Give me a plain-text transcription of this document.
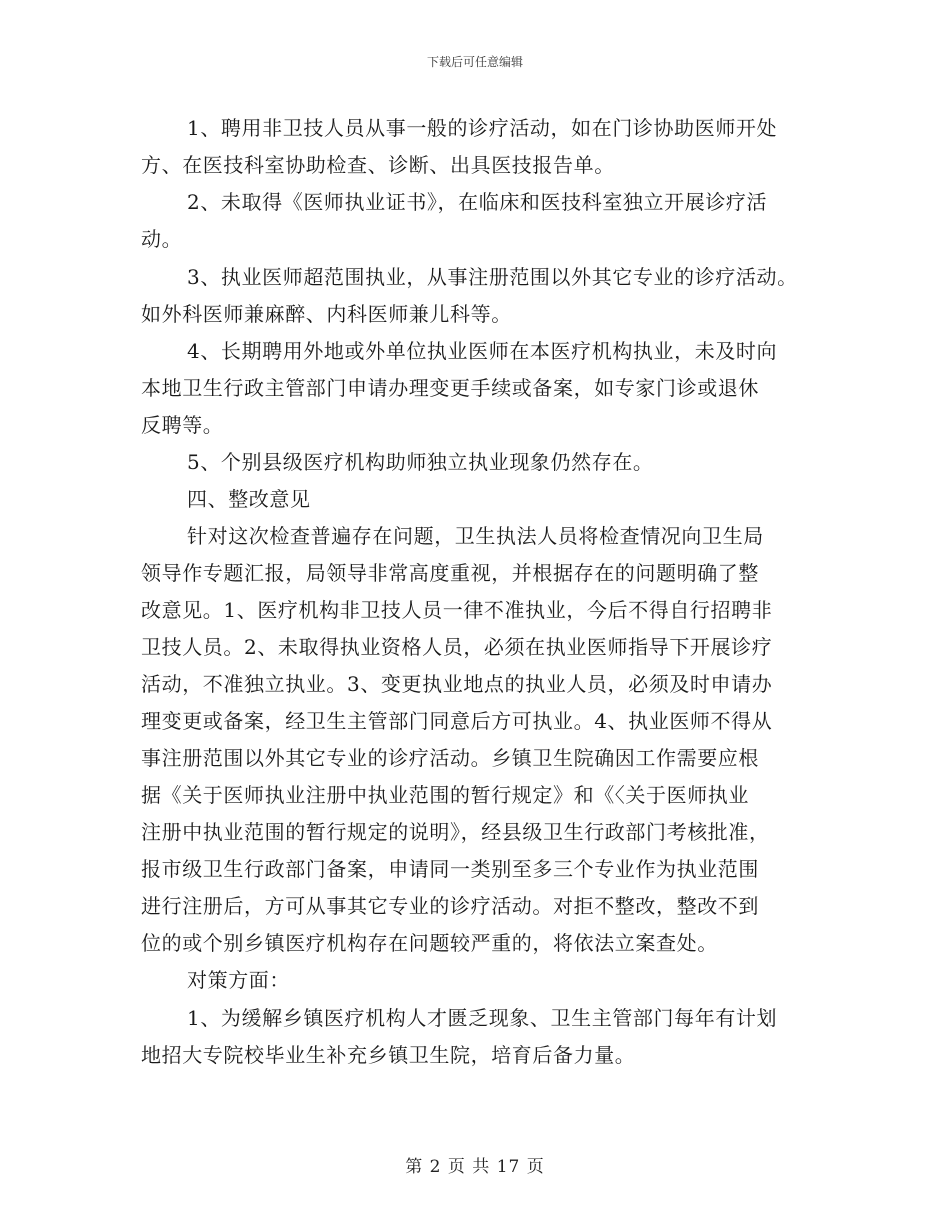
下载后可任意编辑
1、聘用非卫技人员从事一般的诊疗活动，如在门诊协助医师开处
方、在医技科室协助检查、诊断、出具医技报告单。
2、未取得《医师执业证书》，在临床和医技科室独立开展诊疗活
动。
3、执业医师超范围执业，从事注册范围以外其它专业的诊疗活动。
如外科医师兼麻醉、内科医师兼儿科等。
4、长期聘用外地或外单位执业医师在本医疗机构执业，未及时向
本地卫生行政主管部门申请办理变更手续或备案，如专家门诊或退休
反聘等。
5、个别县级医疗机构助师独立执业现象仍然存在。
四、整改意见
针对这次检查普遍存在问题，卫生执法人员将检查情况向卫生局
领导作专题汇报，局领导非常高度重视，并根据存在的问题明确了整
改意见。1、医疗机构非卫技人员一律不准执业，今后不得自行招聘非
卫技人员。2、未取得执业资格人员，必须在执业医师指导下开展诊疗
活动，不准独立执业。3、变更执业地点的执业人员，必须及时申请办
理变更或备案，经卫生主管部门同意后方可执业。4、执业医师不得从
事注册范围以外其它专业的诊疗活动。乡镇卫生院确因工作需要应根
据《关于医师执业注册中执业范围的暂行规定》和《〈关于医师执业
注册中执业范围的暂行规定的说明》，经县级卫生行政部门考核批准，
报市级卫生行政部门备案，申请同一类别至多三个专业作为执业范围
进行注册后，方可从事其它专业的诊疗活动。对拒不整改，整改不到
位的或个别乡镇医疗机构存在问题较严重的，将依法立案查处。
对策方面：
1、为缓解乡镇医疗机构人才匮乏现象、卫生主管部门每年有计划
地招大专院校毕业生补充乡镇卫生院，培育后备力量。
第 2 页 共 17 页
